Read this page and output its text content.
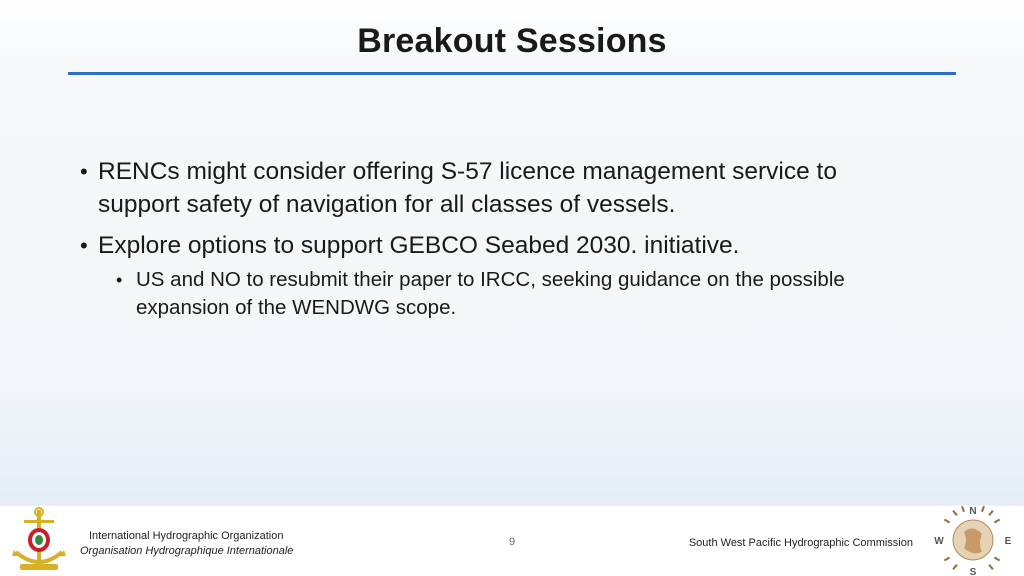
Breakout Sessions
• RENCs might consider offering S-57 licence management service to support safety of navigation for all classes of vessels.
• Explore options to support GEBCO Seabed 2030. initiative.
• US and NO to resubmit their paper to IRCC, seeking guidance on the possible expansion of the WENDWG scope.
International Hydrographic Organization
Organisation Hydrographique Internationale
9	South West Pacific Hydrographic Commission
N
E
S
W
